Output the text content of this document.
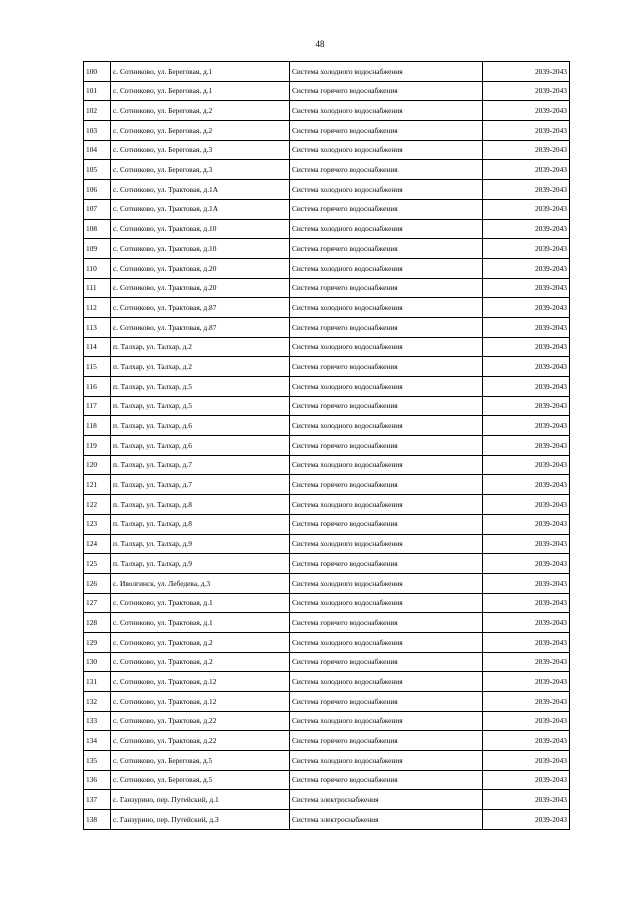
48
100	с. Сотниково, ул. Береговая, д.1	Система холодного водоснабжения	2039-2043
101	с. Сотниково, ул. Береговая, д.1	Система горячего водоснабжения	2039-2043
102	с. Сотниково, ул. Береговая, д.2	Система холодного водоснабжения	2039-2043
103	с. Сотниково, ул. Береговая, д.2	Система горячего водоснабжения	2039-2043
104	с. Сотниково, ул. Береговая, д.3	Система холодного водоснабжения	2039-2043
105	с. Сотниково, ул. Береговая, д.3	Система горячего водоснабжения	2039-2043
106	с. Сотниково, ул. Трактовая, д.1А	Система холодного водоснабжения	2039-2043
107	с. Сотниково, ул. Трактовая, д.1А	Система горячего водоснабжения	2039-2043
108	с. Сотниково, ул. Трактовая, д.10	Система холодного водоснабжения	2039-2043
109	с. Сотниково, ул. Трактовая, д.10	Система горячего водоснабжения	2039-2043
110	с. Сотниково, ул. Трактовая, д.20	Система холодного водоснабжения	2039-2043
111	с. Сотниково, ул. Трактовая, д.20	Система горячего водоснабжения	2039-2043
112	с. Сотниково, ул. Трактовая, д.87	Система холодного водоснабжения	2039-2043
113	с. Сотниково, ул. Трактовая, д.87	Система горячего водоснабжения	2039-2043
114	п. Талхар, ул. Талхар, д.2	Система холодного водоснабжения	2039-2043
115	п. Талхар, ул. Талхар, д.2	Система горячего водоснабжения	2039-2043
116	п. Талхар, ул. Талхар, д.5	Система холодного водоснабжения	2039-2043
117	п. Талхар, ул. Талхар, д.5	Система горячего водоснабжения	2039-2043
118	п. Талхар, ул. Талхар, д.6	Система холодного водоснабжения	2039-2043
119	п. Талхар, ул. Талхар, д.6	Система горячего водоснабжения	2039-2043
120	п. Талхар, ул. Талхар, д.7	Система холодного водоснабжения	2039-2043
121	п. Талхар, ул. Талхар, д.7	Система горячего водоснабжения	2039-2043
122	п. Талхар, ул. Талхар, д.8	Система холодного водоснабжения	2039-2043
123	п. Талхар, ул. Талхар, д.8	Система горячего водоснабжения	2039-2043
124	п. Талхар, ул. Талхар, д.9	Система холодного водоснабжения	2039-2043
125	п. Талхар, ул. Талхар, д.9	Система горячего водоснабжения	2039-2043
126	с. Иволгинск, ул. Лебедева, д.3	Система холодного водоснабжения	2039-2043
127	с. Сотниково, ул. Трактовая, д.1	Система холодного водоснабжения	2039-2043
128	с. Сотниково, ул. Трактовая, д.1	Система горячего водоснабжения	2039-2043
129	с. Сотниково, ул. Трактовая, д.2	Система холодного водоснабжения	2039-2043
130	с. Сотниково, ул. Трактовая, д.2	Система горячего водоснабжения	2039-2043
131	с. Сотниково, ул. Трактовая, д.12	Система холодного водоснабжения	2039-2043
132	с. Сотниково, ул. Трактовая, д.12	Система горячего водоснабжения	2039-2043
133	с. Сотниково, ул. Трактовая, д.22	Система холодного водоснабжения	2039-2043
134	с. Сотниково, ул. Трактовая, д.22	Система горячего водоснабжения	2039-2043
135	с. Сотниково, ул. Береговая, д.5	Система холодного водоснабжения	2039-2043
136	с. Сотниково, ул. Береговая, д.5	Система горячего водоснабжения	2039-2043
137	с. Ганзурино, пер. Путейский, д.1	Система электроснабжения	2039-2043
138	с. Ганзурино, пер. Путейский, д.3	Система электроснабжения	2039-2043
